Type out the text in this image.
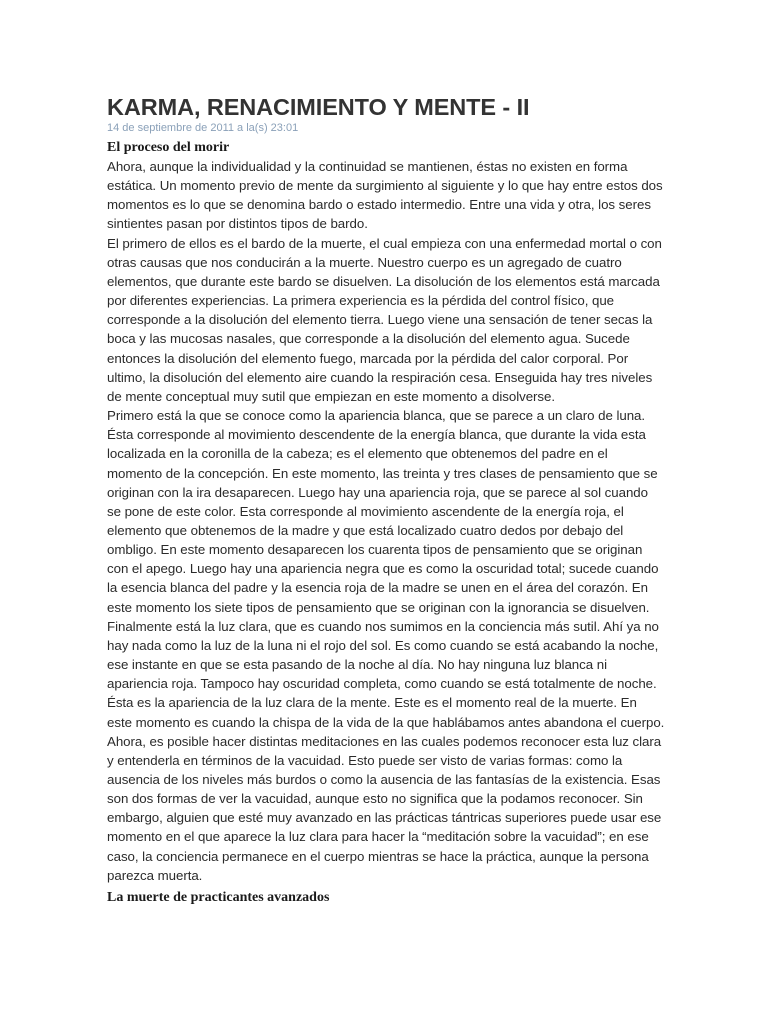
KARMA, RENACIMIENTO Y MENTE - II
14 de septiembre de 2011 a la(s) 23:01
El proceso del morir

Ahora, aunque la individualidad y la continuidad se mantienen, éstas no existen en forma estática. Un momento previo de mente da surgimiento al siguiente y lo que hay entre estos dos momentos es lo que se denomina bardo o estado intermedio. Entre una vida y otra, los seres sintientes pasan por distintos tipos de bardo.

El primero de ellos es el bardo de la muerte, el cual empieza con una enfermedad mortal o con otras causas que nos conducirán a la muerte. Nuestro cuerpo es un agregado de cuatro elementos, que durante este bardo se disuelven. La disolución de los elementos está marcada por diferentes experiencias. La primera experiencia es la pérdida del control físico, que corresponde a la disolución del elemento tierra. Luego viene una sensación de tener secas la boca y las mucosas nasales, que corresponde a la disolución del elemento agua. Sucede entonces la disolución del elemento fuego, marcada por la pérdida del calor corporal. Por ultimo, la disolución del elemento aire cuando la respiración cesa. Enseguida hay tres niveles de mente conceptual muy sutil que empiezan en este momento a disolverse.

Primero está la que se conoce como la apariencia blanca, que se parece a un claro de luna. Ésta corresponde al movimiento descendente de la energía blanca, que durante la vida esta localizada en la coronilla de la cabeza; es el elemento que obtenemos del padre en el momento de la concepción. En este momento, las treinta y tres clases de pensamiento que se originan con la ira desaparecen. Luego hay una apariencia roja, que se parece al sol cuando se pone de este color. Esta corresponde al movimiento ascendente de la energía roja, el elemento que obtenemos de la madre y que está localizado cuatro dedos por debajo del ombligo. En este momento desaparecen los cuarenta tipos de pensamiento que se originan con el apego. Luego hay una apariencia negra que es como la oscuridad total; sucede cuando la esencia blanca del padre y la esencia roja de la madre se unen en el área del corazón. En este momento los siete tipos de pensamiento que se originan con la ignorancia se disuelven.

Finalmente está la luz clara, que es cuando nos sumimos en la conciencia más sutil. Ahí ya no hay nada como la luz de la luna ni el rojo del sol. Es como cuando se está acabando la noche, ese instante en que se esta pasando de la noche al día. No hay ninguna luz blanca ni apariencia roja. Tampoco hay oscuridad completa, como cuando se está totalmente de noche. Ésta es la apariencia de la luz clara de la mente. Este es el momento real de la muerte. En este momento es cuando la chispa de la vida de la que hablábamos antes abandona el cuerpo.

Ahora, es posible hacer distintas meditaciones en las cuales podemos reconocer esta luz clara y entenderla en términos de la vacuidad. Esto puede ser visto de varias formas: como la ausencia de los niveles más burdos o como la ausencia de las fantasías de la existencia. Esas son dos formas de ver la vacuidad, aunque esto no significa que la podamos reconocer. Sin embargo, alguien que esté muy avanzado en las prácticas tántricas superiores puede usar ese momento en el que aparece la luz clara para hacer la “meditación sobre la vacuidad”; en ese caso, la conciencia permanece en el cuerpo mientras se hace la práctica, aunque la persona parezca muerta.

La muerte de practicantes avanzados
